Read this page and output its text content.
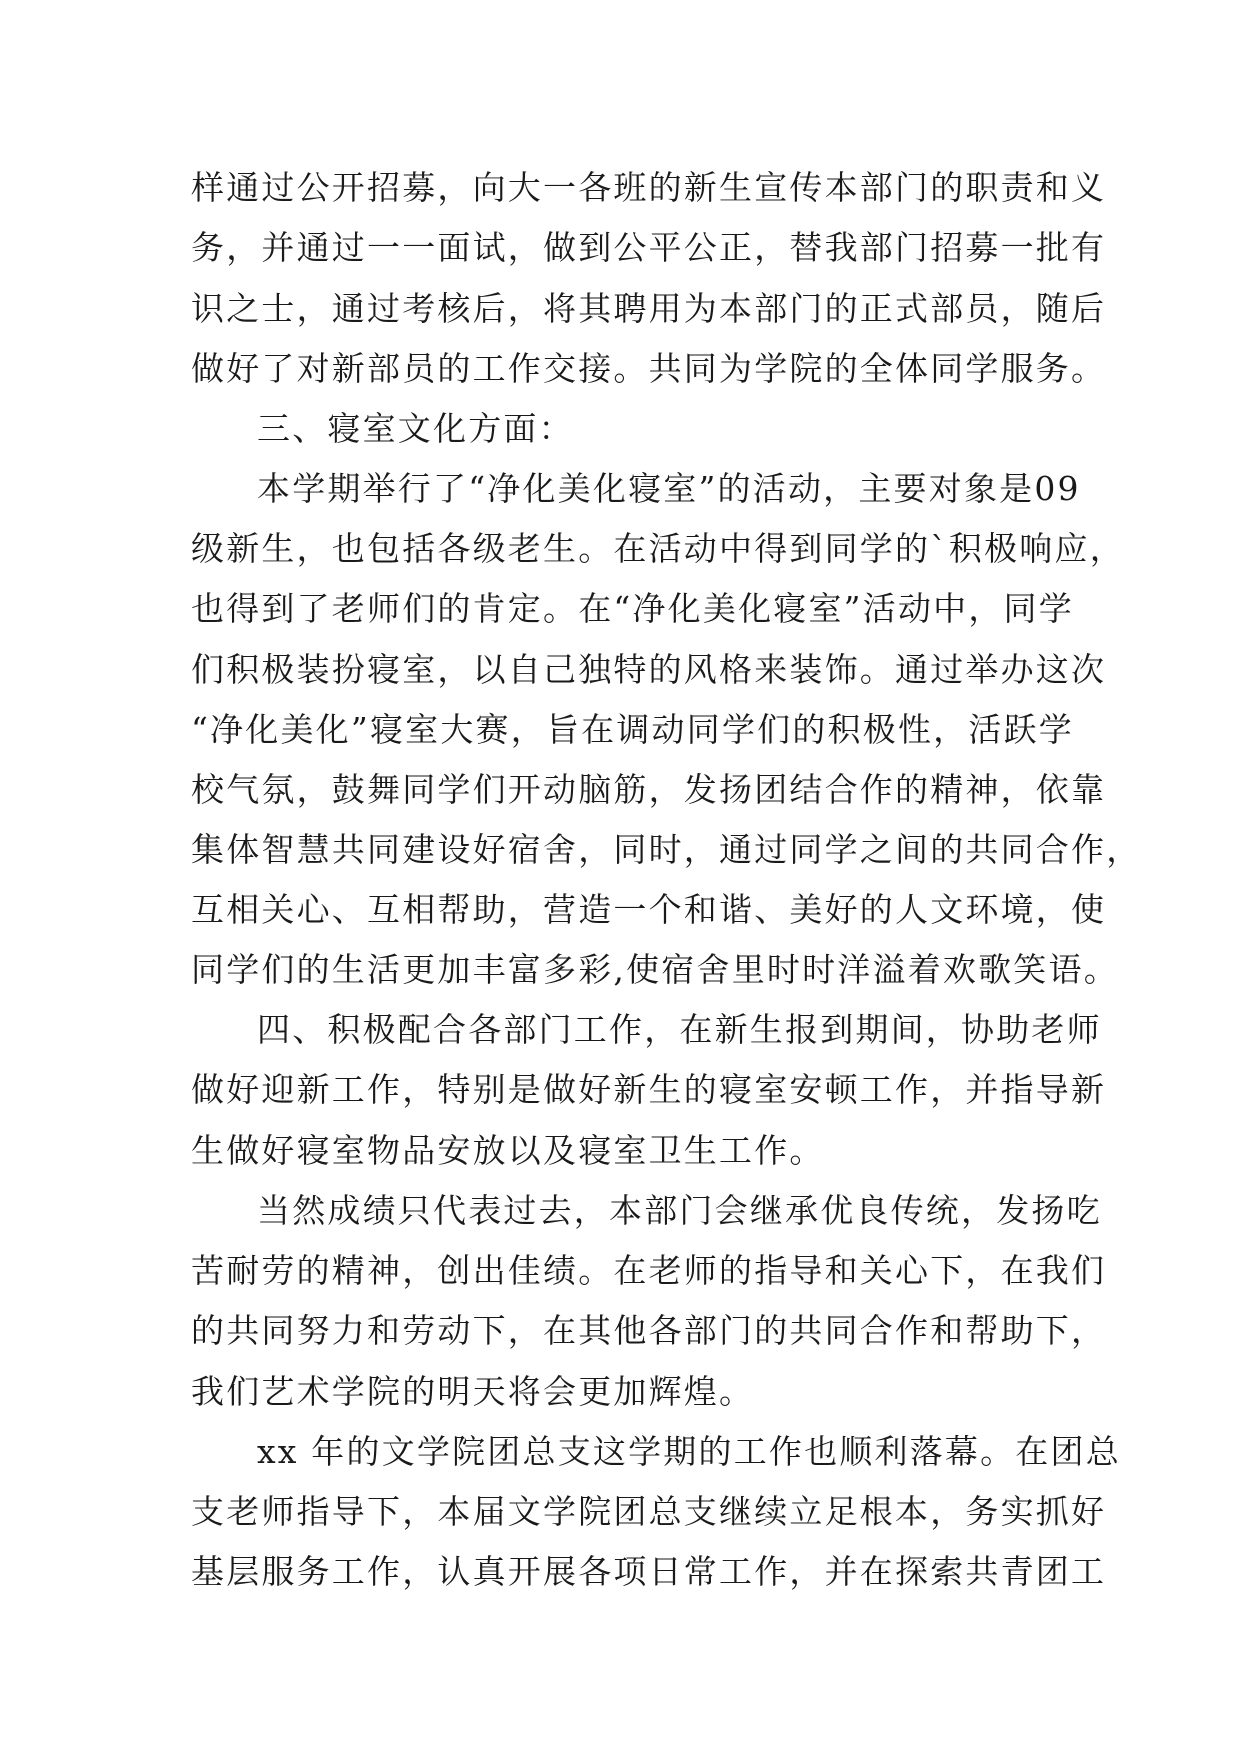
样通过公开招募，向大一各班的新生宣传本部门的职责和义
务，并通过一一面试，做到公平公正，替我部门招募一批有
识之士，通过考核后，将其聘用为本部门的正式部员，随后
做好了对新部员的工作交接。共同为学院的全体同学服务。
三、寝室文化方面：
本学期举行了“净化美化寝室”的活动，主要对象是09
级新生，也包括各级老生。在活动中得到同学的`积极响应，
也得到了老师们的肯定。在“净化美化寝室”活动中，同学
们积极装扮寝室，以自己独特的风格来装饰。通过举办这次
“净化美化”寝室大赛，旨在调动同学们的积极性，活跃学
校气氛，鼓舞同学们开动脑筋，发扬团结合作的精神，依靠
集体智慧共同建设好宿舍，同时，通过同学之间的共同合作，
互相关心、互相帮助，营造一个和谐、美好的人文环境，使
同学们的生活更加丰富多彩,使宿舍里时时洋溢着欢歌笑语。
四、积极配合各部门工作，在新生报到期间，协助老师
做好迎新工作，特别是做好新生的寝室安顿工作，并指导新
生做好寝室物品安放以及寝室卫生工作。
当然成绩只代表过去，本部门会继承优良传统，发扬吃
苦耐劳的精神，创出佳绩。在老师的指导和关心下，在我们
的共同努力和劳动下，在其他各部门的共同合作和帮助下，
我们艺术学院的明天将会更加辉煌。
xx 年的文学院团总支这学期的工作也顺利落幕。在团总
支老师指导下，本届文学院团总支继续立足根本，务实抓好
基层服务工作，认真开展各项日常工作，并在探索共青团工
